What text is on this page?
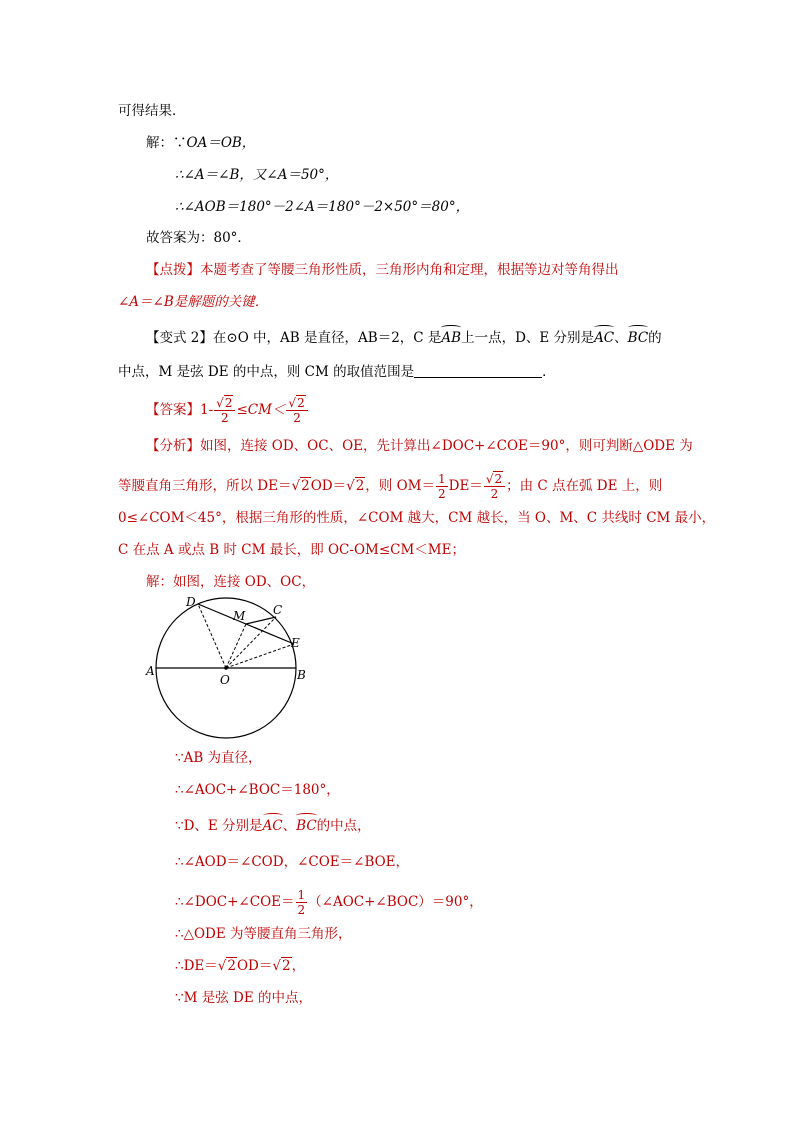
可得结果．
解：∵OA＝OB，
∴∠A＝∠B，又∠A＝50°，
∴∠AOB＝180°－2∠A＝180°－2×50°＝80°，
故答案为：80°．
【点拨】本题考查了等腰三角形性质，三角形内角和定理，根据等边对等角得出
∠A＝∠B是解题的关键．
【变式 2】在⊙O 中，AB 是直径，AB＝2，C 是AB上一点，D、E 分别是AC、BC的
中点，M 是弦 DE 的中点，则 CM 的取值范围是	．
【答案】$1- \frac{√2}{2} \le CM< \frac{√2}{2}$
【分析】如图，连接 OD、OC、OE，先计算出∠DOC+∠COE＝90°，则可判断△ODE 为
等腰直角三角形，所以 DE＝√2OD＝√2，则 $OM= \frac{1}{2} DE= \frac{√2}{2}$ ；由 C 点在弧 DE 上，则
0≤∠COM＜45°，根据三角形的性质，∠COM 越大，CM 越长，当 O、M、C 共线时 CM 最小，
C 在点 A 或点 B 时 CM 最长，即 OC-OM≤CM＜ME；
解：如图，连接 OD、OC，
D
M C
E
A
O	B
∵AB 为直径，
∴∠AOC+∠BOC＝180°，
∵D、E 分别是AC、BC的中点，
∴∠AOD＝∠COD，∠COE＝∠BOE，
∴∠DOC+∠COE＝ $\frac{1}{2}$ （∠AOC+∠BOC）＝90°，
∴△ODE 为等腰直角三角形，
∴DE＝√2OD＝√2，
∵M 是弦 DE 的中点，
